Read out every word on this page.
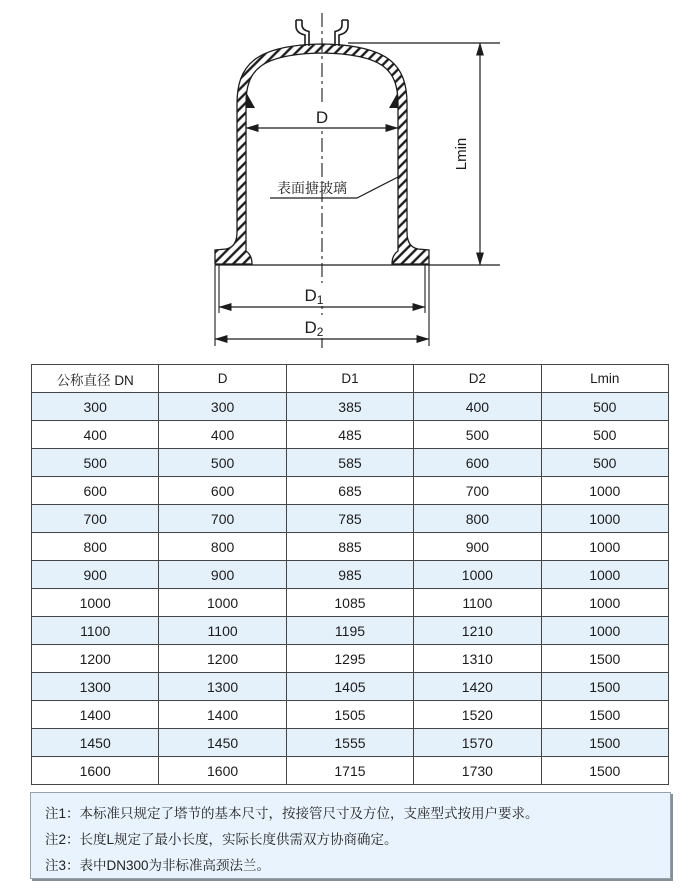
D
D1
D2
Lmin
表面搪玻璃
公称直径 DN	D	D1	D2	Lmin
300	300	385	400	500
400	400	485	500	500
500	500	585	600	500
600	600	685	700	1000
700	700	785	800	1000
800	800	885	900	1000
900	900	985	1000	1000
1000	1000	1085	1100	1000
1100	1100	1195	1210	1000
1200	1200	1295	1310	1500
1300	1300	1405	1420	1500
1400	1400	1505	1520	1500
1450	1450	1555	1570	1500
1600	1600	1715	1730	1500

注1：本标准只规定了塔节的基本尺寸，按接管尺寸及方位，支座型式按用户要求。

注2：长度L规定了最小长度，实际长度供需双方协商确定。

注3：表中DN300为非标准高颈法兰。
